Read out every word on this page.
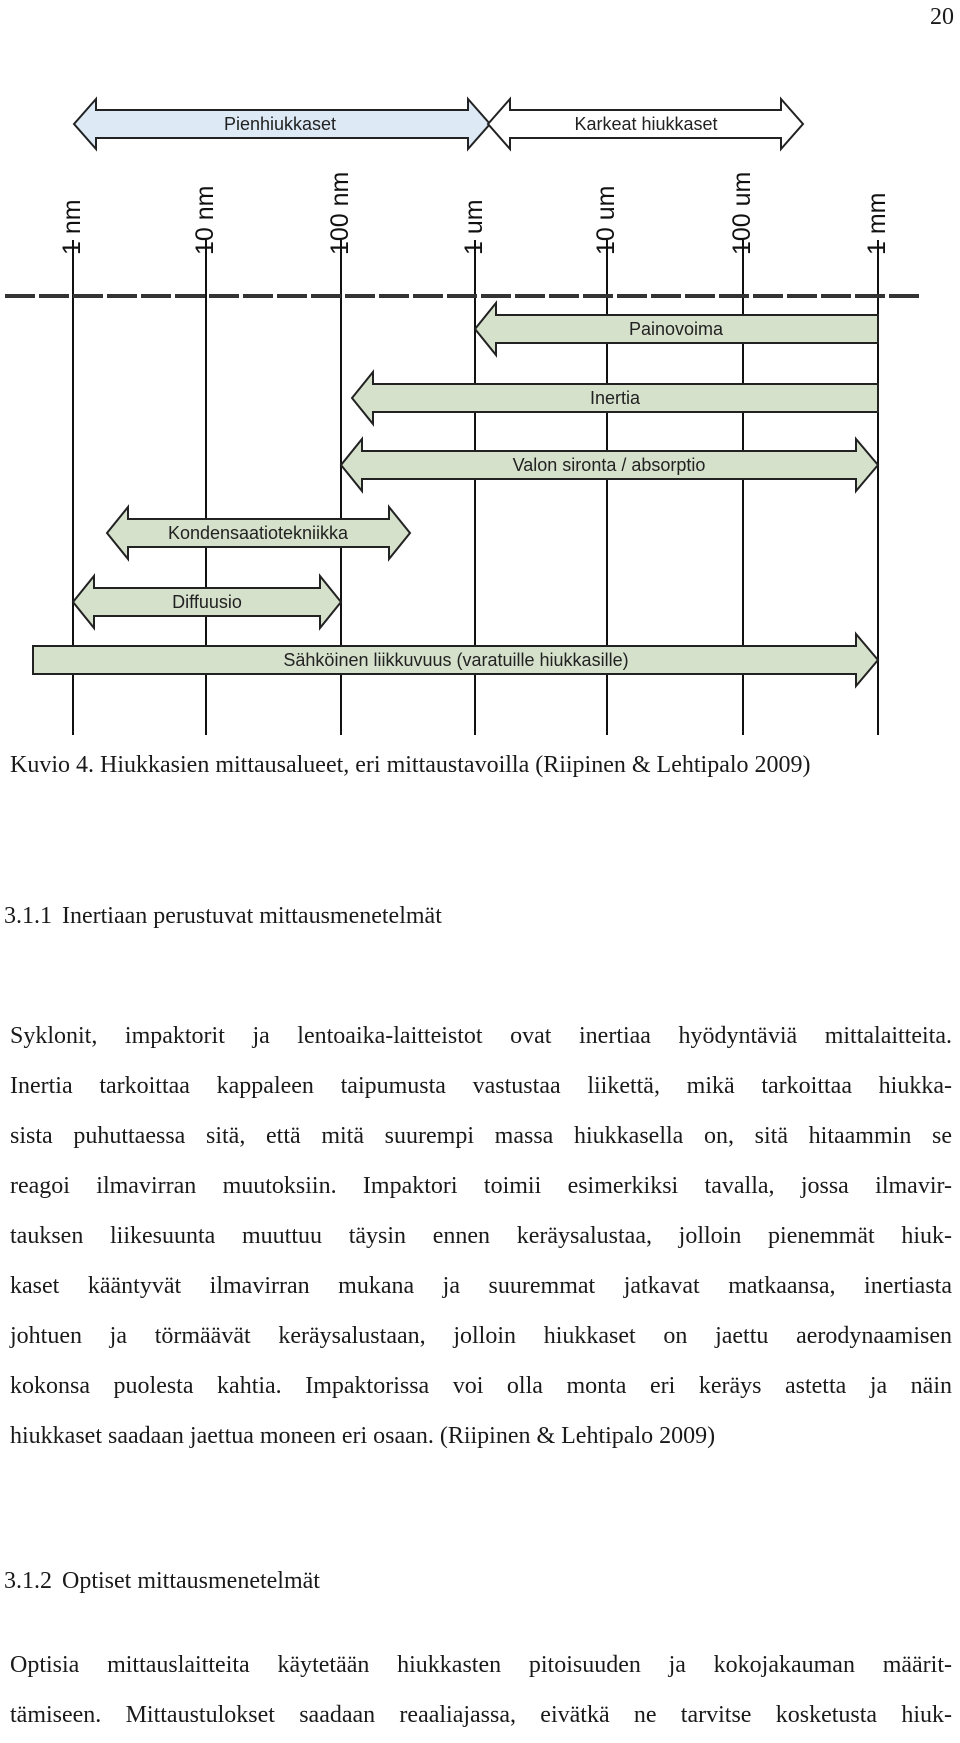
20
1 nm	10 nm	100 nm	1 um	10 um	100 um	1 mm
Pienhiukkaset	Karkeat hiukkaset
Painovoima
Inertia
Valon sironta / absorptio
Kondensaatiotekniikka
Diffuusio
Sähköinen liikkuvuus (varatuille hiukkasille)
Kuvio 4. Hiukkasien mittausalueet, eri mittaustavoilla (Riipinen & Lehtipalo 2009)
3.1.1 Inertiaan perustuvat mittausmenetelmät
Syklonit, impaktorit ja lentoaika-laitteistot ovat inertiaa hyödyntäviä mittalaitteita.
Inertia tarkoittaa kappaleen taipumusta vastustaa liikettä, mikä tarkoittaa hiukka-
sista puhuttaessa sitä, että mitä suurempi massa hiukkasella on, sitä hitaammin se
reagoi ilmavirran muutoksiin. Impaktori toimii esimerkiksi tavalla, jossa ilmavir-
tauksen liikesuunta muuttuu täysin ennen keräysalustaa, jolloin pienemmät hiuk-
kaset kääntyvät ilmavirran mukana ja suuremmat jatkavat matkaansa, inertiasta
johtuen ja törmäävät keräysalustaan, jolloin hiukkaset on jaettu aerodynaamisen
kokonsa puolesta kahtia. Impaktorissa voi olla monta eri keräys astetta ja näin
hiukkaset saadaan jaettua moneen eri osaan. (Riipinen & Lehtipalo 2009)
3.1.2 Optiset mittausmenetelmät
Optisia mittauslaitteita käytetään hiukkasten pitoisuuden ja kokojakauman määrit-
tämiseen. Mittaustulokset saadaan reaaliajassa, eivätkä ne tarvitse kosketusta hiuk-
